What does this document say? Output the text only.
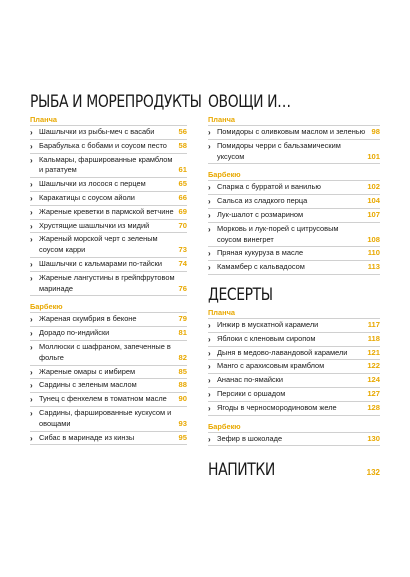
РЫБА И МОРЕПРОДУКТЫ
Планча
› Шашлычки из рыбы-меч с васаби	56
› Барабулька с бобами и соусом песто	58
› Кальмары, фаршированные крамблом и рататуем	61
› Шашлычки из лосося с перцем	65
› Каракатицы с соусом айоли	66
› Жареные креветки в пармской ветчине 69
› Хрустящие шашлычки из мидий	70
› Жареный морской черт с зеленым соусом карри	73
› Шашлычки с кальмарами по-тайски	74
› Жареные лангустины в грейпфрутовом маринаде	76
Барбекю
› Жареная скумбрия в беконе	79
› Дорадо по-индийски	81
› Моллюски с шафраном, запеченные в фольге	82
› Жареные омары с имбирем	85
› Сардины с зеленым маслом	88
› Тунец с фенхелем в томатном масле	90
› Сардины, фаршированные кускусом и овощами	93
› Сибас в маринаде из кинзы	95
ОВОЩИ И…
Планча
› Помидоры с оливковым маслом и зеленью 98
› Помидоры черри с бальзамическим уксусом	101
Барбекю
› Спаржа с бурратой и ванилью	102
› Сальса из сладкого перца	104
› Лук-шалот с розмарином	107
› Морковь и лук-порей с цитрусовым соусом винегрет	108
› Пряная кукуруза в масле	110
› Камамбер с кальвадосом	113
ДЕСЕРТЫ
Планча
› Инжир в мускатной карамели	117
› Яблоки с кленовым сиропом	118
› Дыня в медово-лавандовой карамели	121
› Манго с арахисовым крамблом	122
› Ананас по-ямайски	124
› Персики с оршадом	127
› Ягоды в черносмородиновом желе	128
Барбекю
› Зефир в шоколаде	130
НАПИТКИ	132
